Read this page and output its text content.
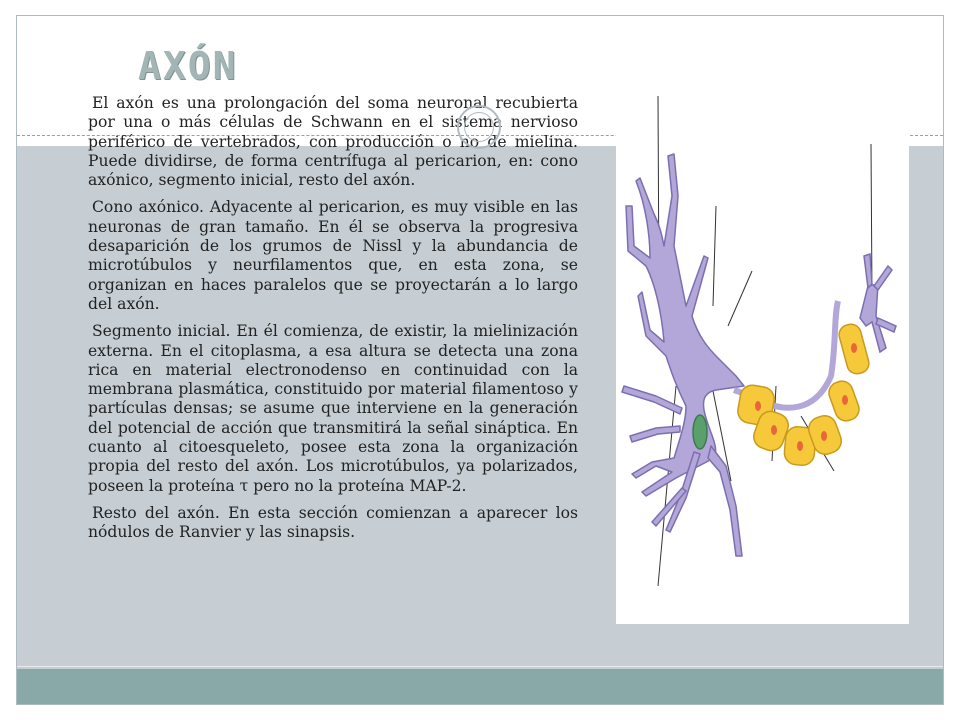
AXÓN

El axón es una prolongación del soma neuronal recubierta por una o más células de Schwann en el sistema nervioso periférico de vertebrados, con producción o no de mielina. Puede dividirse, de forma centrífuga al pericarion, en: cono axónico, segmento inicial, resto del axón.

Cono axónico. Adyacente al pericarion, es muy visible en las neuronas de gran tamaño. En él se observa la progresiva desaparición de los grumos de Nissl y la abundancia de microtúbulos y neurfilamentos que, en esta zona, se organizan en haces paralelos que se proyectarán a lo largo del axón.

Segmento inicial. En él comienza, de existir, la mielinización externa. En el citoplasma, a esa altura se detecta una zona rica en material electronodenso en continuidad con la membrana plasmática, constituido por material filamentoso y partículas densas; se asume que interviene en la generación del potencial de acción que transmitirá la señal sináptica. En cuanto al citoesqueleto, posee esta zona la organización propia del resto del axón. Los microtúbulos, ya polarizados, poseen la proteína τ pero no la proteína MAP-2.

Resto del axón. En esta sección comienzan a aparecer los nódulos de Ranvier y las sinapsis.
